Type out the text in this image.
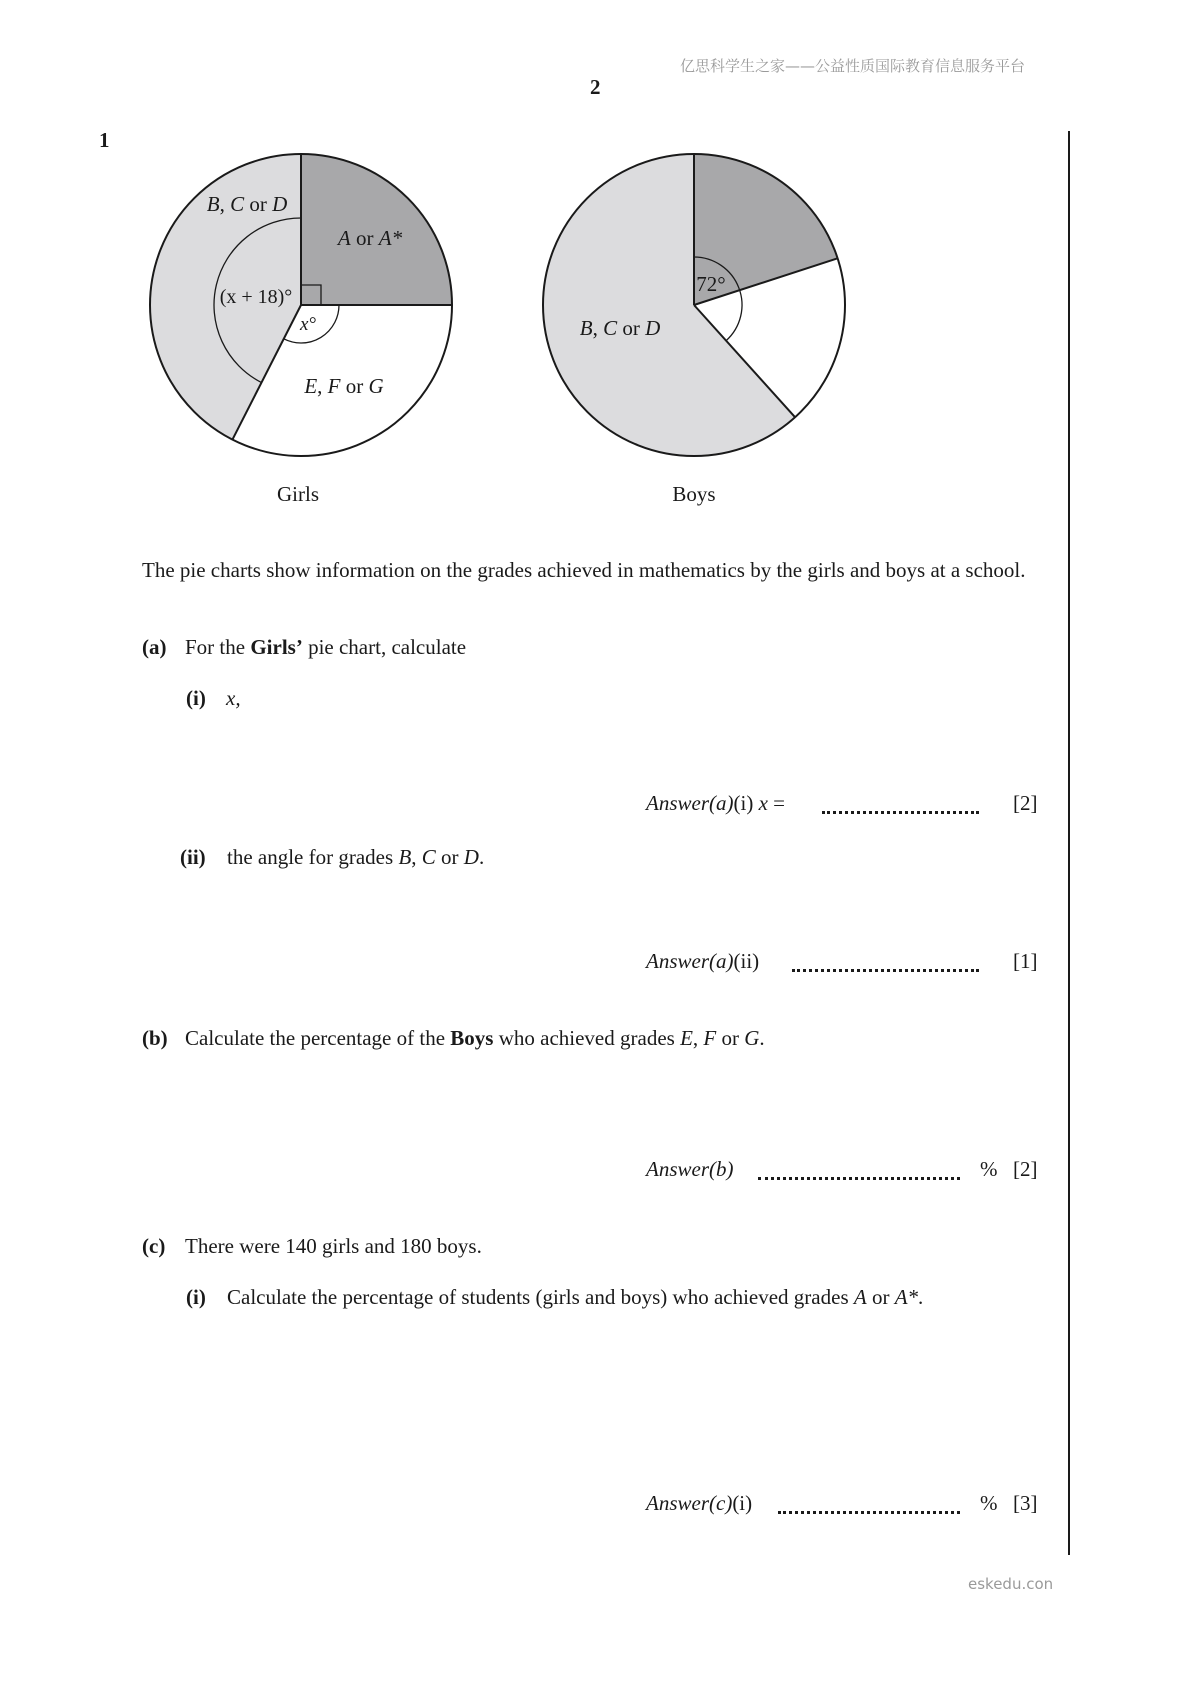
亿思科学生之家——公益性质国际教育信息服务平台
2
1
A or A*
E, F or G
B, C or D
x°
(x + 18)°
Girls
72°
B, C or D
Boys
The pie charts show information on the grades achieved in mathematics by the girls and boys at a school.
(a) For the Girls’ pie chart, calculate
(i) x,
Answer(a)(i) x =	[2]
(ii) the angle for grades B, C or D.
Answer(a)(ii)	[1]
(b) Calculate the percentage of the Boys who achieved grades E, F or G.
Answer(b)	% [2]
(c) There were 140 girls and 180 boys.
(i) Calculate the percentage of students (girls and boys) who achieved grades A or A*.
Answer(c)(i)	% [3]
eskedu.con
